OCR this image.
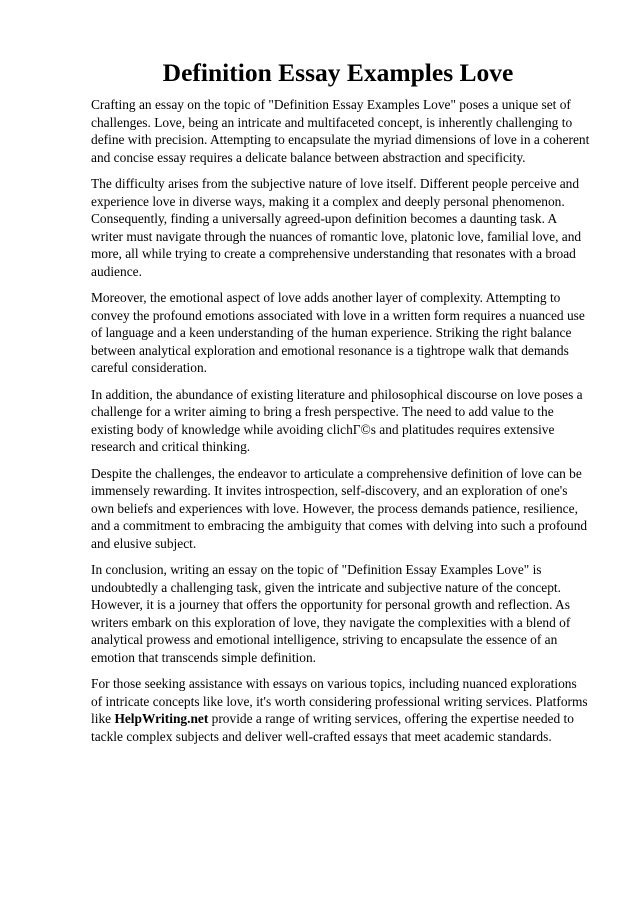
Definition Essay Examples Love

Crafting an essay on the topic of "Definition Essay Examples Love" poses a unique set of challenges. Love, being an intricate and multifaceted concept, is inherently challenging to define with precision. Attempting to encapsulate the myriad dimensions of love in a coherent and concise essay requires a delicate balance between abstraction and specificity.

The difficulty arises from the subjective nature of love itself. Different people perceive and experience love in diverse ways, making it a complex and deeply personal phenomenon. Consequently, finding a universally agreed-upon definition becomes a daunting task. A writer must navigate through the nuances of romantic love, platonic love, familial love, and more, all while trying to create a comprehensive understanding that resonates with a broad audience.

Moreover, the emotional aspect of love adds another layer of complexity. Attempting to convey the profound emotions associated with love in a written form requires a nuanced use of language and a keen understanding of the human experience. Striking the right balance between analytical exploration and emotional resonance is a tightrope walk that demands careful consideration.

In addition, the abundance of existing literature and philosophical discourse on love poses a challenge for a writer aiming to bring a fresh perspective. The need to add value to the existing body of knowledge while avoiding clichГ©s and platitudes requires extensive research and critical thinking.

Despite the challenges, the endeavor to articulate a comprehensive definition of love can be immensely rewarding. It invites introspection, self-discovery, and an exploration of one's own beliefs and experiences with love. However, the process demands patience, resilience, and a commitment to embracing the ambiguity that comes with delving into such a profound and elusive subject.

In conclusion, writing an essay on the topic of "Definition Essay Examples Love" is undoubtedly a challenging task, given the intricate and subjective nature of the concept. However, it is a journey that offers the opportunity for personal growth and reflection. As writers embark on this exploration of love, they navigate the complexities with a blend of analytical prowess and emotional intelligence, striving to encapsulate the essence of an emotion that transcends simple definition.

For those seeking assistance with essays on various topics, including nuanced explorations of intricate concepts like love, it's worth considering professional writing services. Platforms like HelpWriting.net provide a range of writing services, offering the expertise needed to tackle complex subjects and deliver well-crafted essays that meet academic standards.
